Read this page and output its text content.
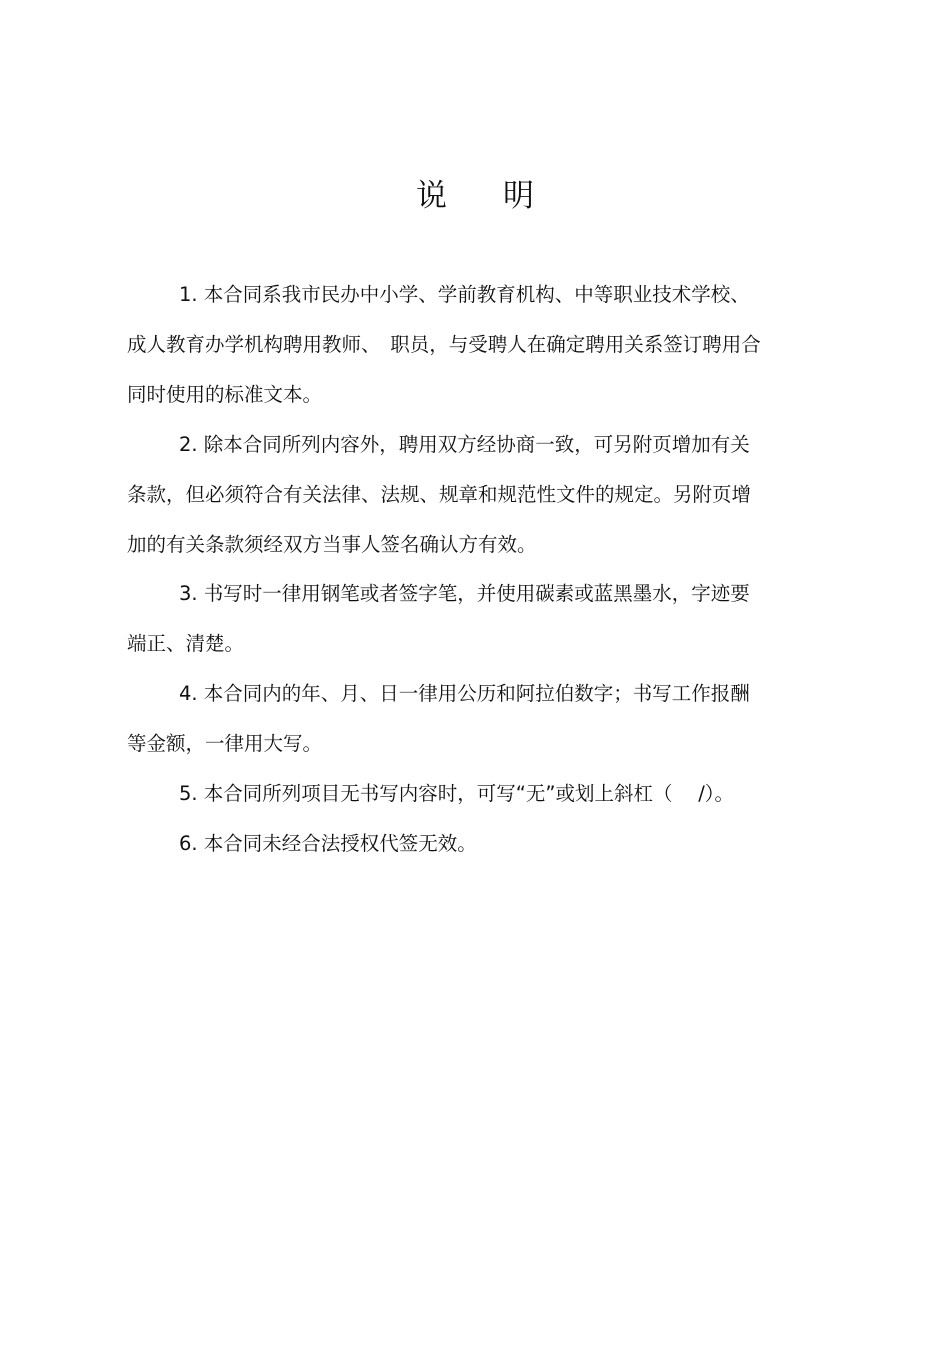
说明
1. 本合同系我市民办中小学、学前教育机构、中等职业技术学校、
成人教育办学机构聘用教师、　职员，与受聘人在确定聘用关系签订聘用合
同时使用的标准文本。
2. 除本合同所列内容外，聘用双方经协商一致，可另附页增加有关
条款，但必须符合有关法律、法规、规章和规范性文件的规定。另附页增
加的有关条款须经双方当事人签名确认方有效。
3. 书写时一律用钢笔或者签字笔，并使用碳素或蓝黑墨水，字迹要
端正、清楚。
4. 本合同内的年、月、日一律用公历和阿拉伯数字；书写工作报酬
等金额，一律用大写。
5. 本合同所列项目无书写内容时，可写“无”或划上斜杠（　 /）。
6. 本合同未经合法授权代签无效。
